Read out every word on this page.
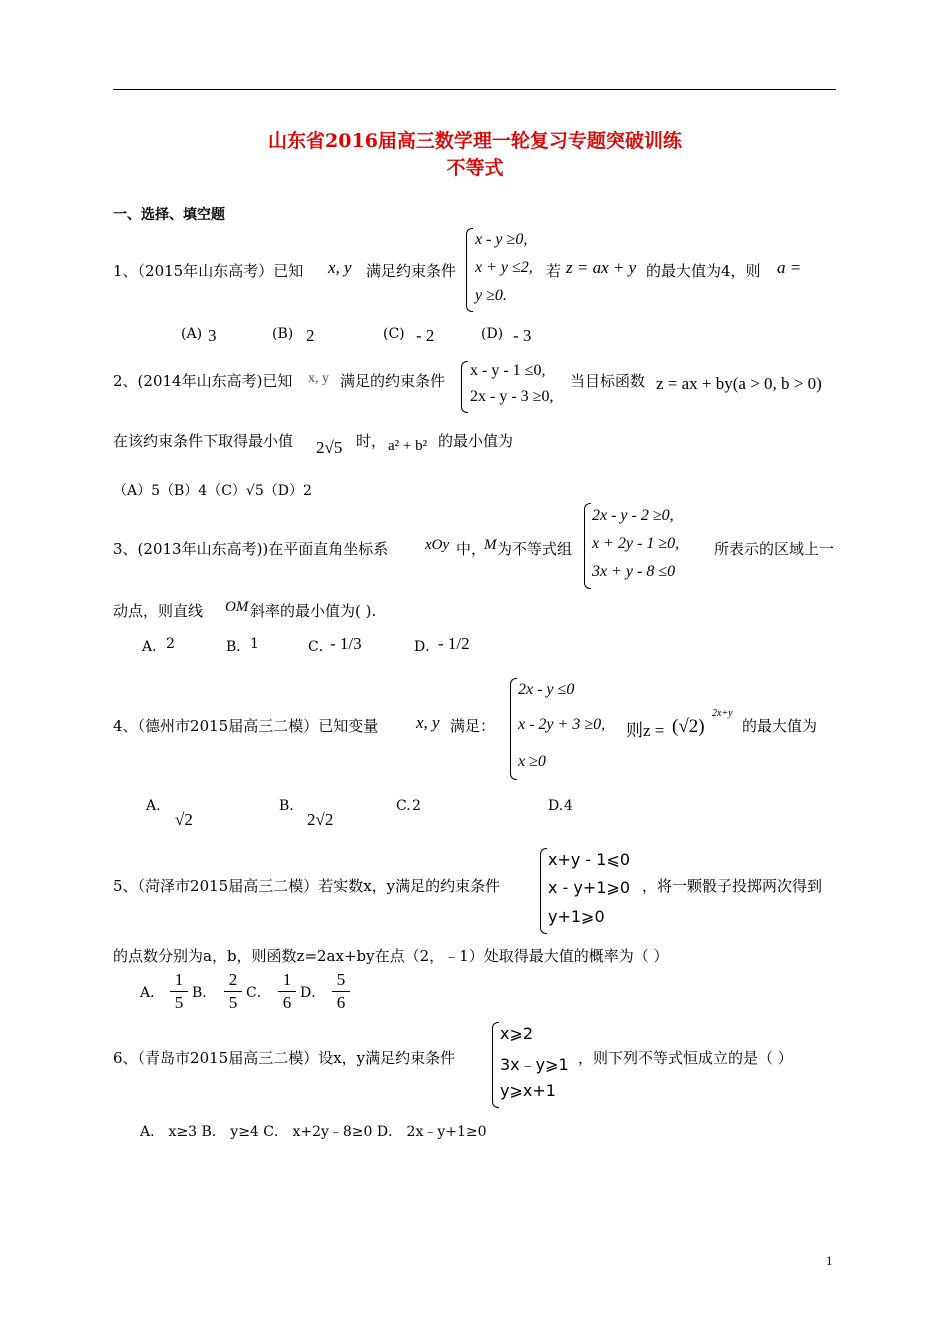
山东省2016届高三数学理一轮复习专题突破训练
不等式
一、选择、填空题
1、（2015年山东高考）已知 x, y 满足约束条件
x - y ≥0,
x + y ≤2,
y ≥0.
若 z = ax + y 的最大值为4，则 a =
(A) 3	(B) 2	(C) - 2	(D) - 3
2、(2014年山东高考)已知 x, y 满足的约束条件
x - y - 1 ≤0,
2x - y - 3 ≥0,
当目标函数 z = ax + by(a > 0, b > 0)
在该约束条件下取得最小值 2√5 时， a² + b² 的最小值为
（A）5（B）4（C）√5（D）2
3、(2013年山东高考))在平面直角坐标系 xOy 中，
M 为不等式组
2x - y - 2 ≥0,
x + 2y - 1 ≥0,
3x + y - 8 ≤0
所表示的区域上一
动点，则直线 OM 斜率的最小值为( ).
A． 2	B． 1	C．
- 1/3	D．
- 1/2
4、（德州市2015届高三二模）已知变量 x, y 满足：
2x - y ≤0
x - 2y + 3 ≥0,
x ≥0
则z = (√2)
2x+y
的最大值为
A.
√2
B.
2√2
C. 2	D. 4
5、（菏泽市2015届高三二模）若实数x，y满足的约束条件
x+y - 1⩽0
x - y+1⩾0
y+1⩾0
，将一颗骰子投掷两次得到
的点数分别为a，b，则函数z=2ax+by在点（2，﹣1）处取得最大值的概率为（ ）
A．
1
5 B．
2
5 C．
1
6 D．
5
6
6、（青岛市2015届高三二模）设x，y满足约束条件
x⩾2
3x﹣y⩾1
y⩾x+1
，则下列不等式恒成立的是（ ）
A． x≥3 B． y≥4 C． x+2y﹣8≥0 D． 2x﹣y+1≥0
1
